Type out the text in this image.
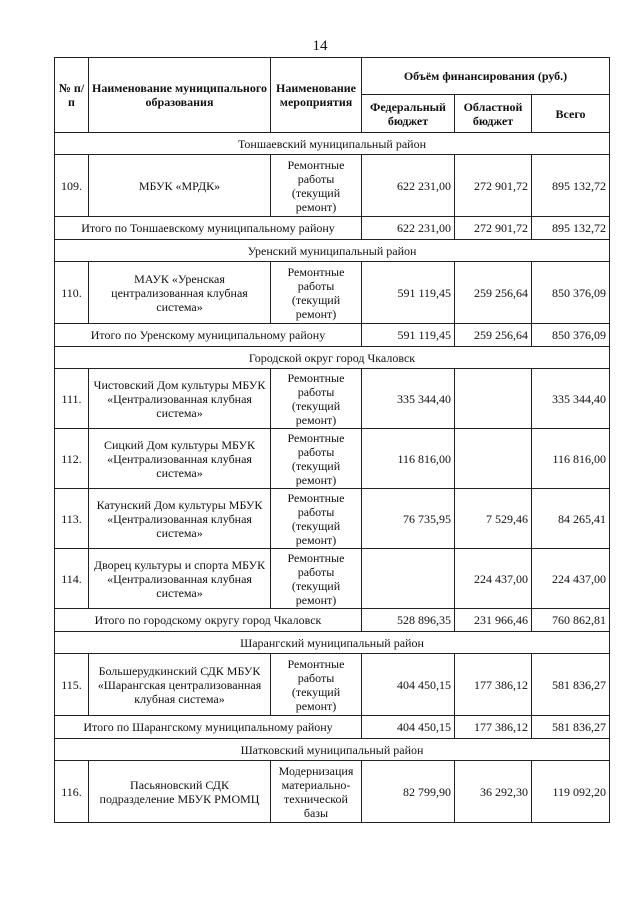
14
№ п/п	Наименование муниципального образования	Наименование мероприятия	Объём финансирования (руб.)		
			Федеральный бюджет	Областной бюджет	Всего
Тоншаевский муниципальный район					
109.	МБУК «МРДК»	Ремонтные работы (текущий ремонт)	622 231,00	272 901,72	895 132,72
Итого по Тоншаевскому муниципальному району			622 231,00	272 901,72	895 132,72
Уренский муниципальный район					
110.	МАУК «Уренская централизованная клубная система»	Ремонтные работы (текущий ремонт)	591 119,45	259 256,64	850 376,09
Итого по Уренскому муниципальному району			591 119,45	259 256,64	850 376,09
Городской округ город Чкаловск					
111.	Чистовский Дом культуры МБУК «Централизованная клубная система»	Ремонтные работы (текущий ремонт)	335 344,40		335 344,40
112.	Сицкий Дом культуры МБУК «Централизованная клубная система»	Ремонтные работы (текущий ремонт)	116 816,00		116 816,00
113.	Катунский Дом культуры МБУК «Централизованная клубная система»	Ремонтные работы (текущий ремонт)	76 735,95	7 529,46	84 265,41
114.	Дворец культуры и спорта МБУК «Централизованная клубная система»	Ремонтные работы (текущий ремонт)		224 437,00	224 437,00
Итого по городскому округу город Чкаловск			528 896,35	231 966,46	760 862,81
Шарангский муниципальный район					
115.	Большерудкинский СДК МБУК «Шарангская централизованная клубная система»	Ремонтные работы (текущий ремонт)	404 450,15	177 386,12	581 836,27
Итого по Шарангскому муниципальному району			404 450,15	177 386,12	581 836,27
Шатковский муниципальный район					
116.	Пасьяновский СДК подразделение МБУК РМОМЦ	Модернизация материально-технической базы	82 799,90	36 292,30	119 092,20
